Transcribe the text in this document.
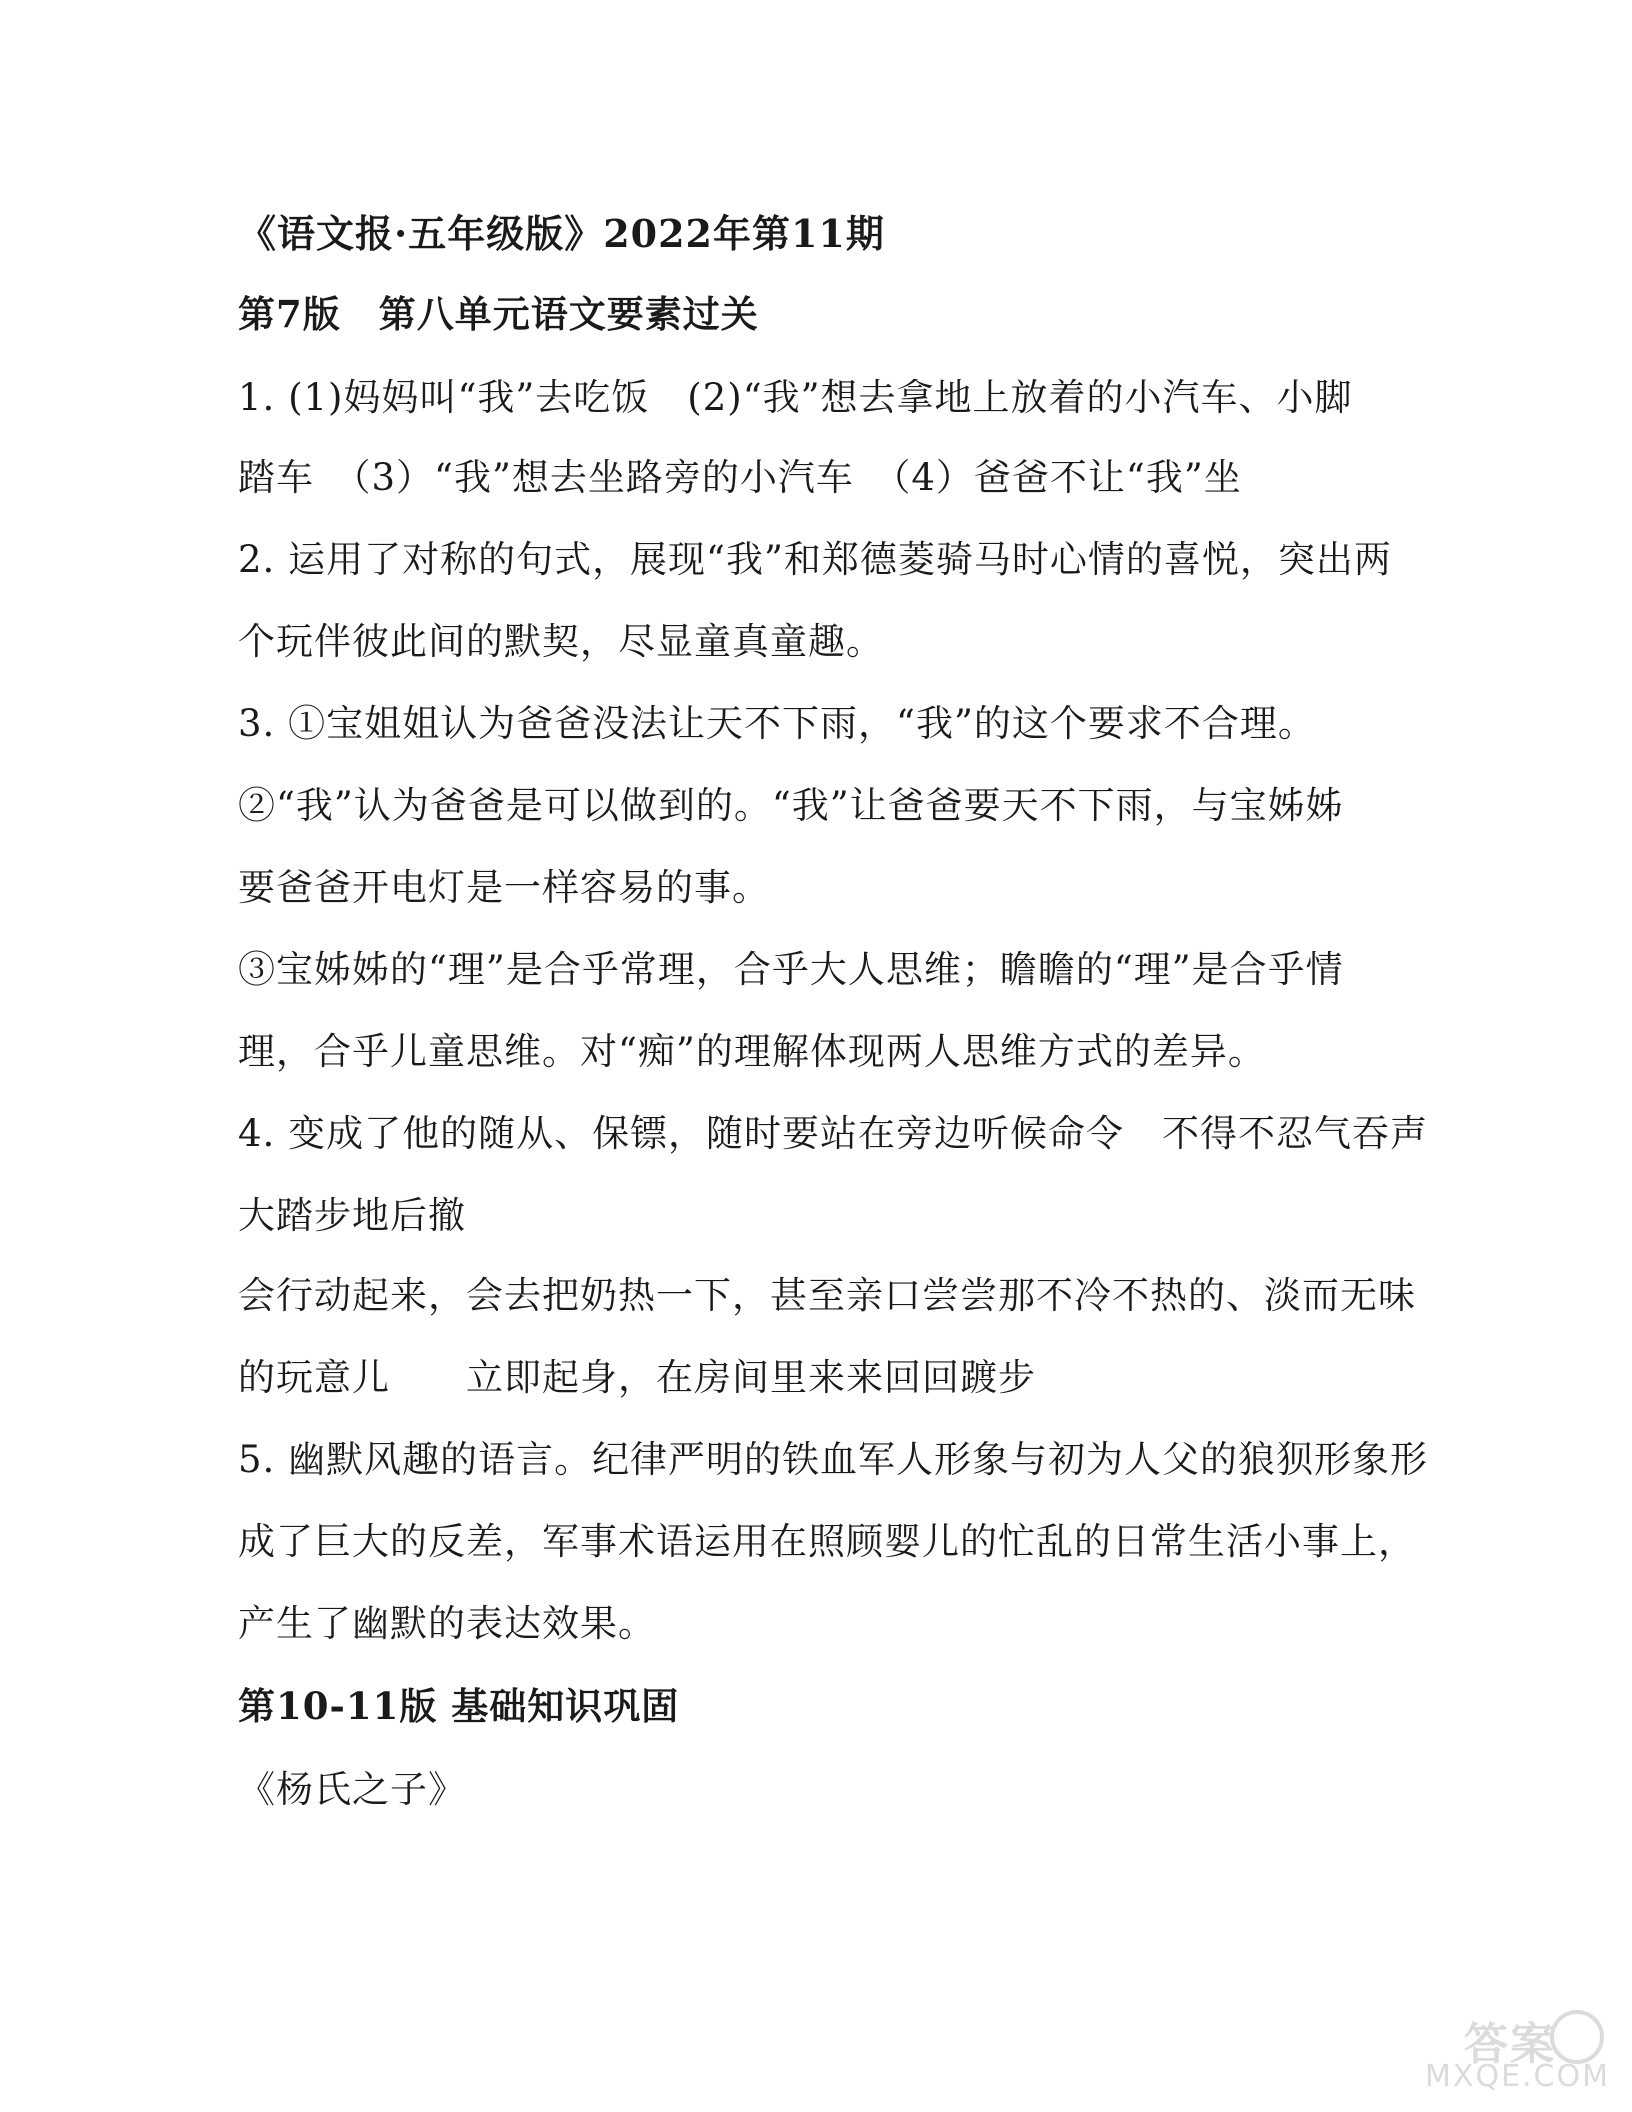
《语文报·五年级版》2022年第11期
第7版　第八单元语文要素过关
1. (1)妈妈叫“我”去吃饭　(2)“我”想去拿地上放着的小汽车、小脚
踏车　（3）“我”想去坐路旁的小汽车　（4）爸爸不让“我”坐
2. 运用了对称的句式，展现“我”和郑德菱骑马时心情的喜悦，突出两
个玩伴彼此间的默契，尽显童真童趣。
3. ①宝姐姐认为爸爸没法让天不下雨，“我”的这个要求不合理。
②“我”认为爸爸是可以做到的。“我”让爸爸要天不下雨，与宝姊姊
要爸爸开电灯是一样容易的事。
③宝姊姊的“理”是合乎常理，合乎大人思维；瞻瞻的“理”是合乎情
理，合乎儿童思维。对“痴”的理解体现两人思维方式的差异。
4. 变成了他的随从、保镖，随时要站在旁边听候命令　不得不忍气吞声
大踏步地后撤
会行动起来，会去把奶热一下，甚至亲口尝尝那不冷不热的、淡而无味
的玩意儿　　立即起身，在房间里来来回回踱步
5. 幽默风趣的语言。纪律严明的铁血军人形象与初为人父的狼狈形象形
成了巨大的反差，军事术语运用在照顾婴儿的忙乱的日常生活小事上，
产生了幽默的表达效果。
第10-11版 基础知识巩固
《杨氏之子》
答案
MXQE.COM
